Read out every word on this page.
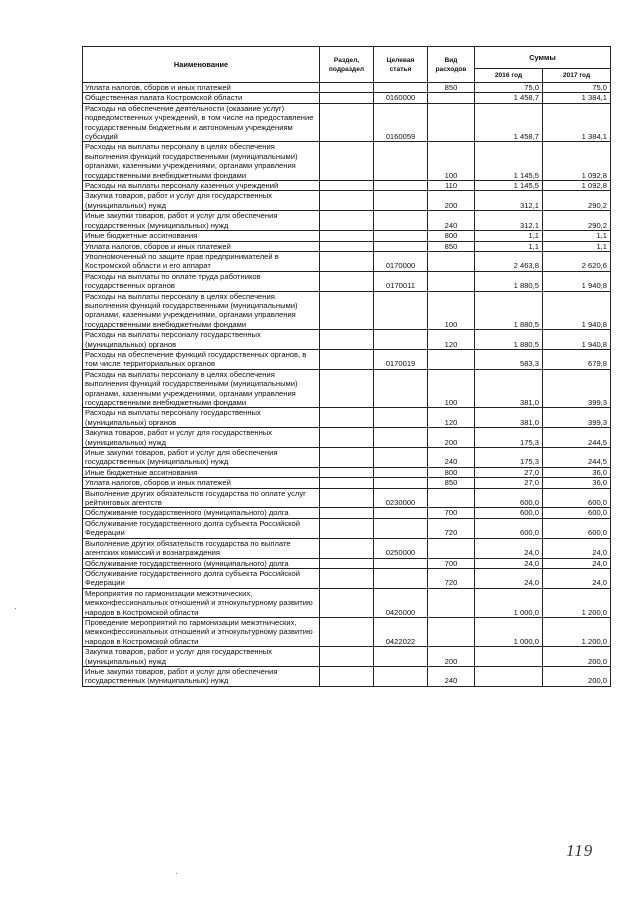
Наименование	Раздел, подраздел	Целевая статья	Вид расходов	Суммы	
				2016 год	2017 год
Уплата налогов, сборов и иных платежей			850	75,0	75,0
Общественная палата Костромской области		0160000		1 458,7	1 384,1
Расходы на обеспечение деятельности (оказание услуг) подведомственных учреждений, в том числе на предоставление государственным бюджетным и автономным учреждениям субсидий		0160059		1 458,7	1 384,1
Расходы на выплаты персоналу в целях обеспечения выполнения функций государственными (муниципальными) органами, казенными учреждениями, органами управления государственными внебюджетными фондами			100	1 145,5	1 092,8
Расходы на выплаты персоналу казенных учреждений			110	1 145,5	1 092,8
Закупка товаров, работ и услуг для государственных (муниципальных) нужд			200	312,1	290,2
Иные закупки товаров, работ и услуг для обеспечения государственных (муниципальных) нужд			240	312,1	290,2
Иные бюджетные ассигнования			800	1,1	1,1
Уплата налогов, сборов и иных платежей			850	1,1	1,1
Уполномоченный по защите прав предпринимателей в Костромской области и его аппарат		0170000		2 463,8	2 620,6
Расходы на выплаты по оплате труда работников государственных органов		0170011		1 880,5	1 940,8
Расходы на выплаты персоналу в целях обеспечения выполнения функций государственными (муниципальными) органами, казенными учреждениями, органами управления государственными внебюджетными фондами			100	1 880,5	1 940,8
Расходы на выплаты персоналу государственных (муниципальных) органов			120	1 880,5	1 940,8
Расходы на обеспечение функций государственных органов, в том числе территориальных органов		0170019		583,3	679,8
Расходы на выплаты персоналу в целях обеспечения выполнения функций государственными (муниципальными) органами, казенными учреждениями, органами управления государственными внебюджетными фондами			100	381,0	399,3
Расходы на выплаты персоналу государственных (муниципальных) органов			120	381,0	399,3
Закупка товаров, работ и услуг для государственных (муниципальных) нужд			200	175,3	244,5
Иные закупки товаров, работ и услуг для обеспечения государственных (муниципальных) нужд			240	175,3	244,5
Иные бюджетные ассигнования			800	27,0	36,0
Уплата налогов, сборов и иных платежей			850	27,0	36,0
Выполнение других обязательств государства по оплате услуг рейтинговых агентств		0230000		600,0	600,0
Обслуживание государственного (муниципального) долга			700	600,0	600,0
Обслуживание государственного долга субъекта Российской Федерации			720	600,0	600,0
Выполнение других обязательств государства по выплате агентских комиссий и вознаграждения		0250000		24,0	24,0
Обслуживание государственного (муниципального) долга			700	24,0	24,0
Обслуживание государственного долга субъекта Российской Федерации			720	24,0	24,0
Мероприятия по гармонизации межэтнических, межконфессиональных отношений и этнокультурному развитию народов в Костромской области		0420000		1 000,0	1 200,0
Проведение мероприятий по гармонизации межэтнических, межконфессиональных отношений и этнокультурному развитию народов в Костромской области		0422022		1 000,0	1 200,0
Закупка товаров, работ и услуг для государственных (муниципальных) нужд			200		200,0
Иные закупки товаров, работ и услуг для обеспечения государственных (муниципальных) нужд			240		200,0
119
